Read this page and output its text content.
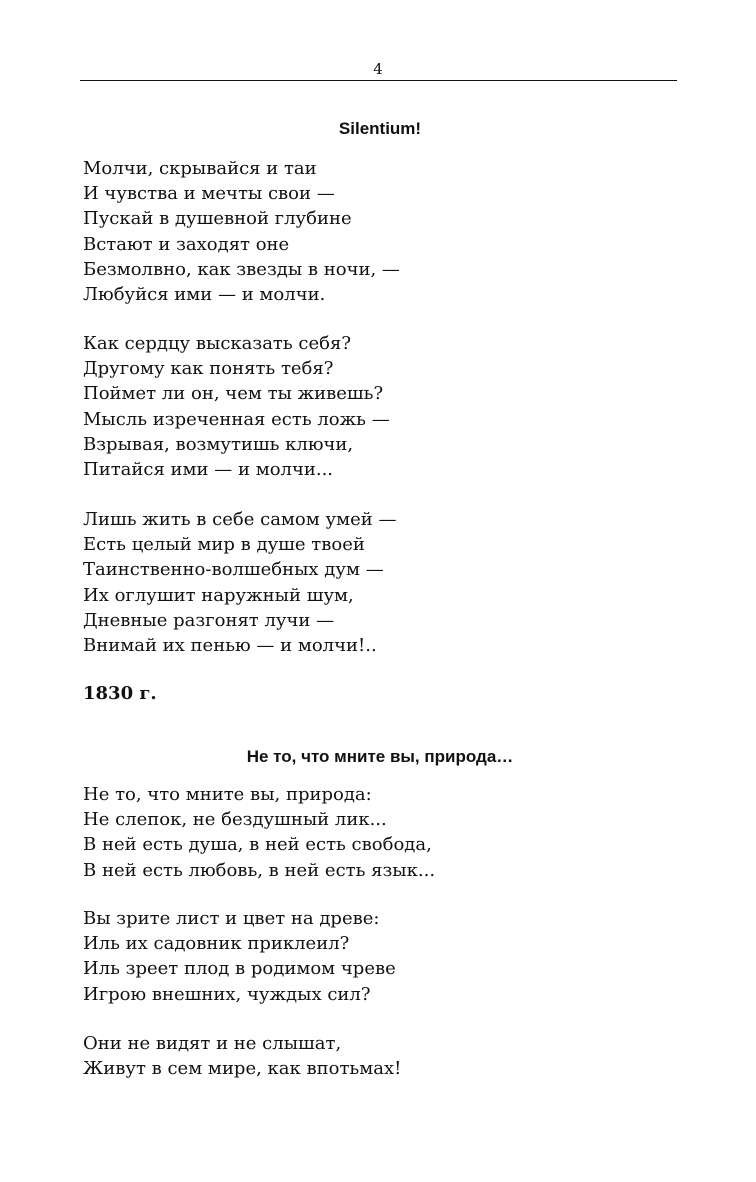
4
Silentium!
Молчи, скрывайся и таи
И чувства и мечты свои —
Пускай в душевной глубине
Встают и заходят оне
Безмолвно, как звезды в ночи, —
Любуйся ими — и молчи.
Как сердцу высказать себя?
Другому как понять тебя?
Поймет ли он, чем ты живешь?
Мысль изреченная есть ложь —
Взрывая, возмутишь ключи,
Питайся ими — и молчи...
Лишь жить в себе самом умей —
Есть целый мир в душе твоей
Таинственно-волшебных дум —
Их оглушит наружный шум,
Дневные разгонят лучи —
Внимай их пенью — и молчи!..
1830 г.
Не то, что мните вы, природа…
Не то, что мните вы, природа:
Не слепок, не бездушный лик...
В ней есть душа, в ней есть свобода,
В ней есть любовь, в ней есть язык...
Вы зрите лист и цвет на древе:
Иль их садовник приклеил?
Иль зреет плод в родимом чреве
Игрою внешних, чуждых сил?
Они не видят и не слышат,
Живут в сем мире, как впотьмах!
